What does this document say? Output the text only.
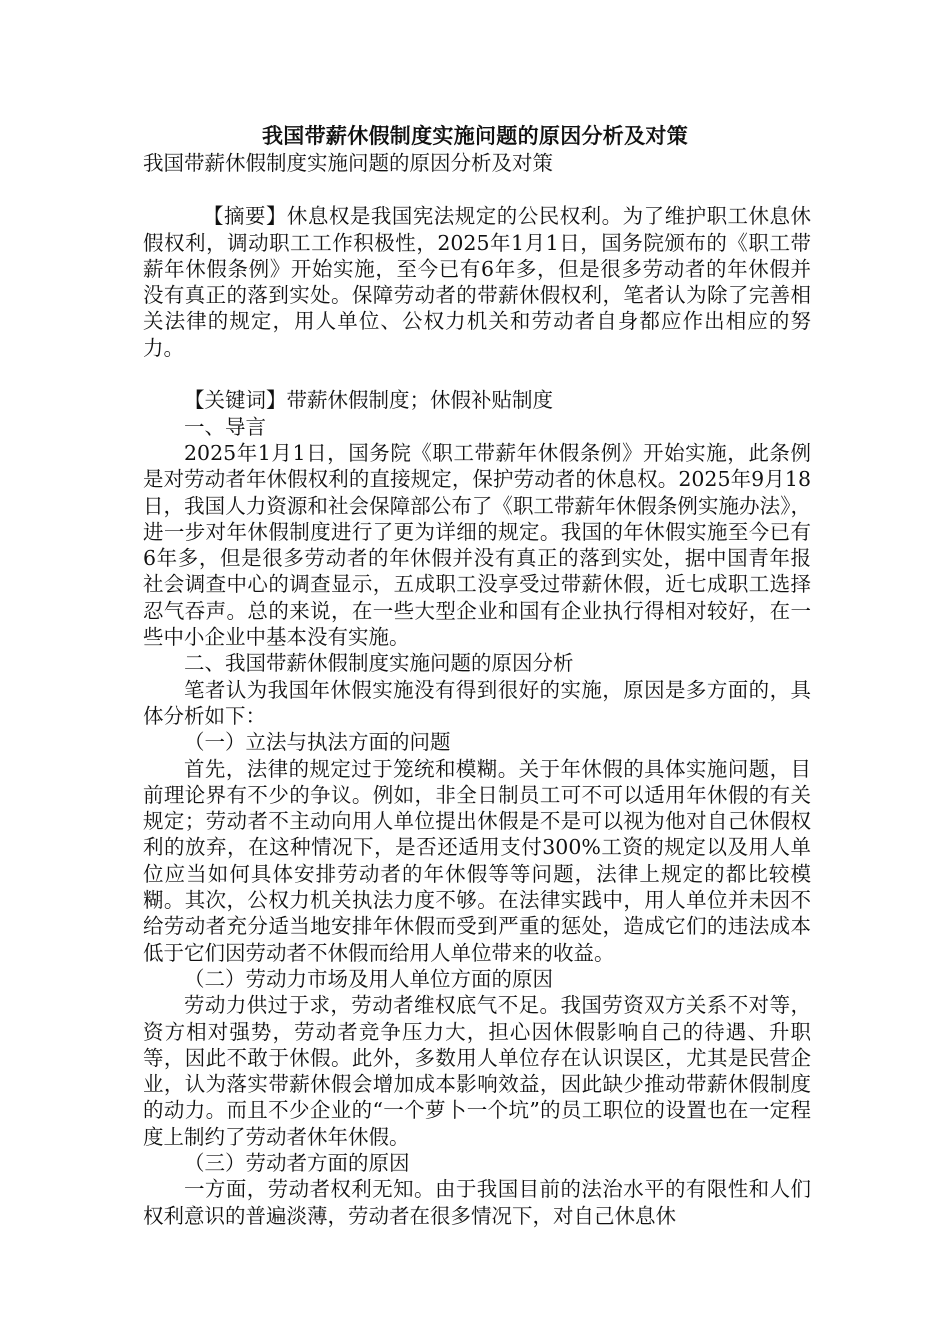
我国带薪休假制度实施问题的原因分析及对策

我国带薪休假制度实施问题的原因分析及对策

【摘要】休息权是我国宪法规定的公民权利。为了维护职工休息休假权利，调动职工工作积极性，2025年1月1日，国务院颁布的《职工带薪年休假条例》开始实施，至今已有6年多，但是很多劳动者的年休假并没有真正的落到实处。保障劳动者的带薪休假权利，笔者认为除了完善相关法律的规定，用人单位、公权力机关和劳动者自身都应作出相应的努力。

【关键词】带薪休假制度；休假补贴制度

一、导言

2025年1月1日，国务院《职工带薪年休假条例》开始实施，此条例是对劳动者年休假权利的直接规定，保护劳动者的休息权。2025年9月18日，我国人力资源和社会保障部公布了《职工带薪年休假条例实施办法》，进一步对年休假制度进行了更为详细的规定。我国的年休假实施至今已有6年多，但是很多劳动者的年休假并没有真正的落到实处，据中国青年报社会调查中心的调查显示，五成职工没享受过带薪休假，近七成职工选择忍气吞声。总的来说，在一些大型企业和国有企业执行得相对较好，在一些中小企业中基本没有实施。

二、我国带薪休假制度实施问题的原因分析

笔者认为我国年休假实施没有得到很好的实施，原因是多方面的，具体分析如下：

（一）立法与执法方面的问题

首先，法律的规定过于笼统和模糊。关于年休假的具体实施问题，目前理论界有不少的争议。例如，非全日制员工可不可以适用年休假的有关规定；劳动者不主动向用人单位提出休假是不是可以视为他对自己休假权利的放弃，在这种情况下，是否还适用支付300%工资的规定以及用人单位应当如何具体安排劳动者的年休假等等问题，法律上规定的都比较模糊。其次，公权力机关执法力度不够。在法律实践中，用人单位并未因不给劳动者充分适当地安排年休假而受到严重的惩处，造成它们的违法成本低于它们因劳动者不休假而给用人单位带来的收益。

（二）劳动力市场及用人单位方面的原因

劳动力供过于求，劳动者维权底气不足。我国劳资双方关系不对等，资方相对强势，劳动者竞争压力大，担心因休假影响自己的待遇、升职等，因此不敢于休假。此外，多数用人单位存在认识误区，尤其是民营企业，认为落实带薪休假会增加成本影响效益，因此缺少推动带薪休假制度的动力。而且不少企业的“一个萝卜一个坑”的员工职位的设置也在一定程度上制约了劳动者休年休假。

（三）劳动者方面的原因

一方面，劳动者权利无知。由于我国目前的法治水平的有限性和人们权利意识的普遍淡薄，劳动者在很多情况下，对自己休息休
